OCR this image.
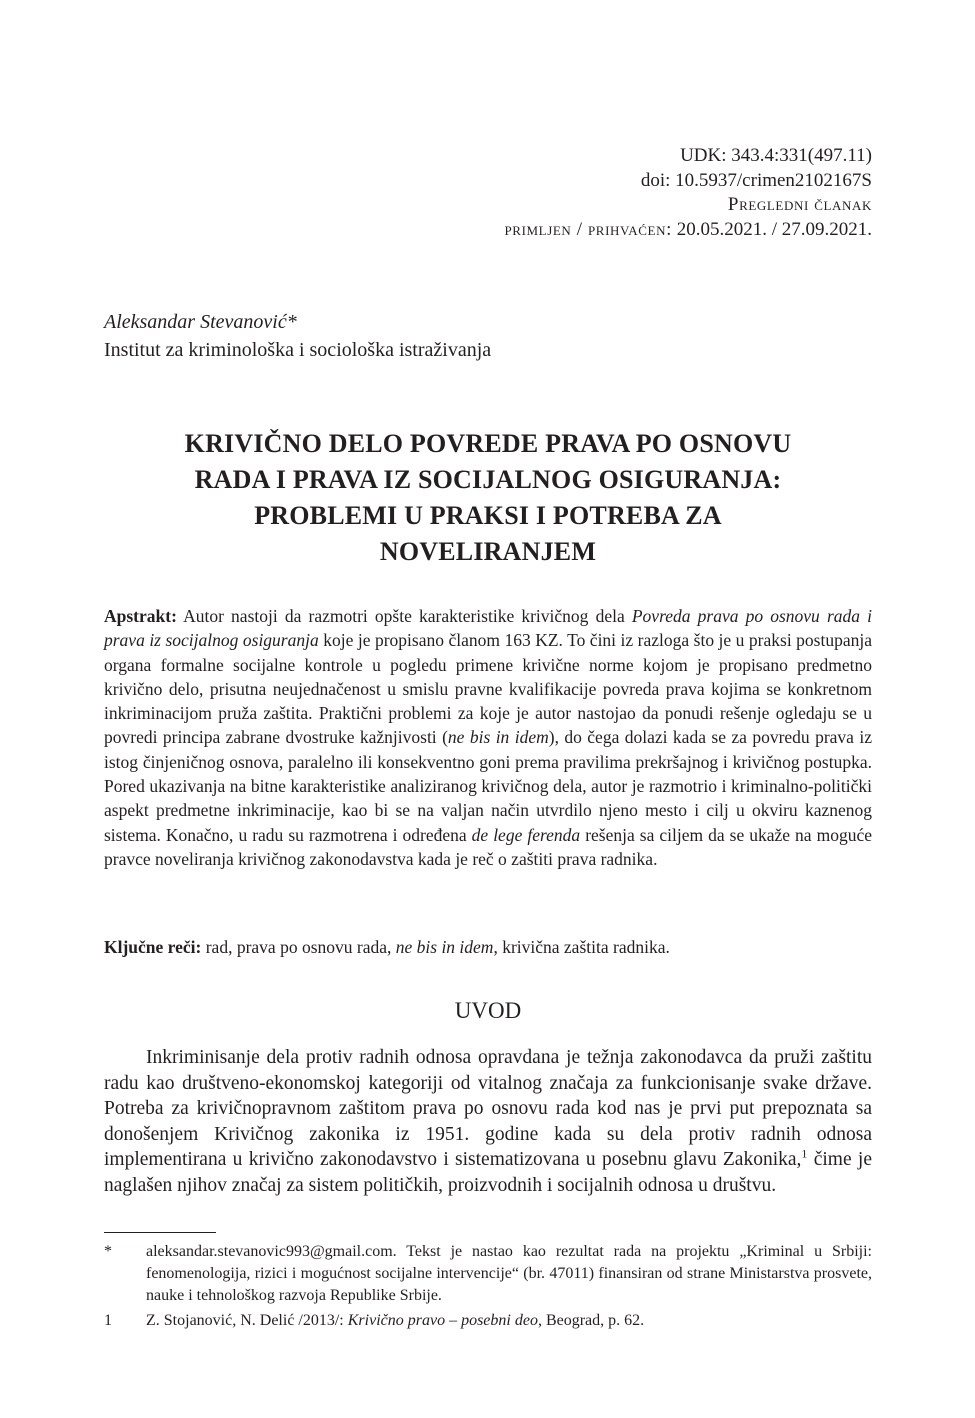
UDK: 343.4:331(497.11)
doi: 10.5937/crimen2102167S
Pregledni članak
primljen / prihvaćen: 20.05.2021. / 27.09.2021.
Aleksandar Stevanović*
Institut za kriminološka i sociološka istraživanja
KRIVIČNO DELO POVREDE PRAVA PO OSNOVU
RADA I PRAVA IZ SOCIJALNOG OSIGURANJA:
PROBLEMI U PRAKSI I POTREBA ZA
NOVELIRANJEM
Apstrakt: Autor nastoji da razmotri opšte karakteristike krivičnog dela Povreda prava po osnovu rada i prava iz socijalnog osiguranja koje je propisano članom 163 KZ. To čini iz razloga što je u praksi postupanja organa formalne socijalne kontrole u pogledu primene krivične norme kojom je propisano predmetno krivično delo, prisutna neujednačenost u smislu pravne kvalifikacije povreda prava kojima se konkretnom inkriminacijom pruža zaštita. Praktični problemi za koje je autor nastojao da ponudi rešenje ogledaju se u povredi principa zabrane dvostruke kažnjivosti (ne bis in idem), do čega dolazi kada se za povredu prava iz istog činjeničnog osnova, paralelno ili konsekventno goni prema pravilima prekršajnog i krivičnog postupka. Pored ukazivanja na bitne karakteristike analiziranog krivičnog dela, autor je razmotrio i kriminalno-politički aspekt predmetne inkriminacije, kao bi se na valjan način utvrdilo njeno mesto i cilj u okviru kaznenog sistema. Konačno, u radu su razmotrena i određena de lege ferenda rešenja sa ciljem da se ukaže na moguće pravce noveliranja krivičnog zakonodavstva kada je reč o zaštiti prava radnika.
Ključne reči: rad, prava po osnovu rada, ne bis in idem, krivična zaštita radnika.
UVOD
Inkriminisanje dela protiv radnih odnosa opravdana je težnja zakonodavca da pruži zaštitu radu kao društveno-ekonomskoj kategoriji od vitalnog značaja za funkcionisanje svake države. Potreba za krivičnopravnom zaštitom prava po osnovu rada kod nas je prvi put prepoznata sa donošenjem Krivičnog zakonika iz 1951. godine kada su dela protiv radnih odnosa implementirana u krivično zakonodavstvo i sistematizovana u posebnu glavu Zakonika,$^1$ čime je naglašen njihov značaj za sistem političkih, proizvodnih i socijalnih odnosa u društvu.
*	aleksandar.stevanovic993@gmail.com. Tekst je nastao kao rezultat rada na projektu „Kriminal u Srbiji: fenomenologija, rizici i mogućnost socijalne intervencije“ (br. 47011) finansiran od strane Ministarstva prosvete, nauke i tehnološkog razvoja Republike Srbije.
1	Z. Stojanović, N. Delić /2013/: Krivično pravo – posebni deo, Beograd, p. 62.
